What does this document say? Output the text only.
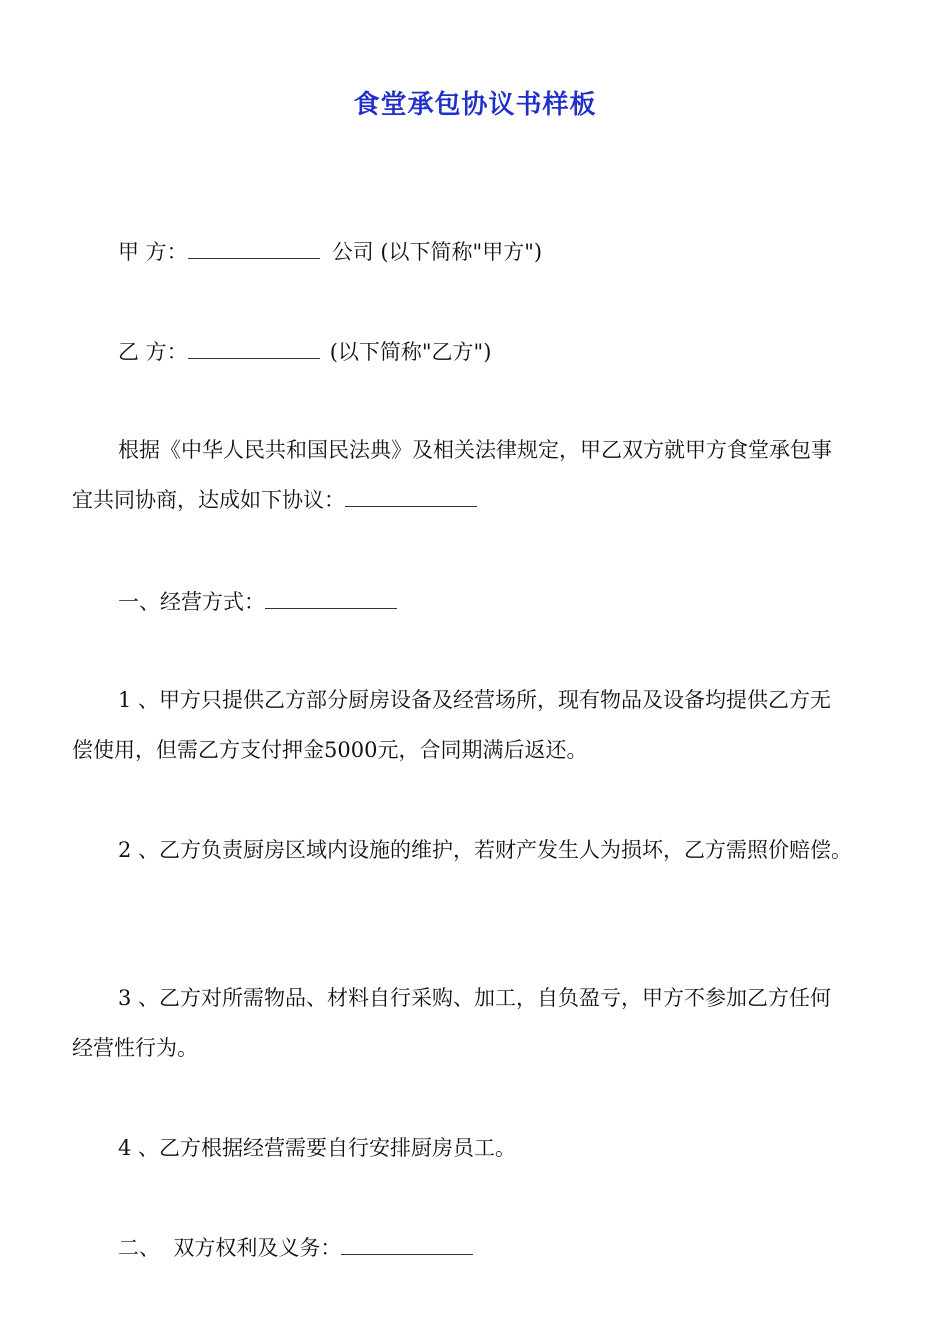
食堂承包协议书样板
甲 方：	公司 (以下简称"甲方")
乙 方：	(以下简称"乙方")
根据《中华人民共和国民法典》及相关法律规定，甲乙双方就甲方食堂承包事
宜共同协商，达成如下协议：
一、经营方式：
1 、甲方只提供乙方部分厨房设备及经营场所，现有物品及设备均提供乙方无
偿使用，但需乙方支付押金5000元，合同期满后返还。
2 、乙方负责厨房区域内设施的维护，若财产发生人为损坏，乙方需照价赔偿。
3 、乙方对所需物品、材料自行采购、加工，自负盈亏，甲方不参加乙方任何
经营性行为。
4 、乙方根据经营需要自行安排厨房员工。
二、  双方权利及义务：
